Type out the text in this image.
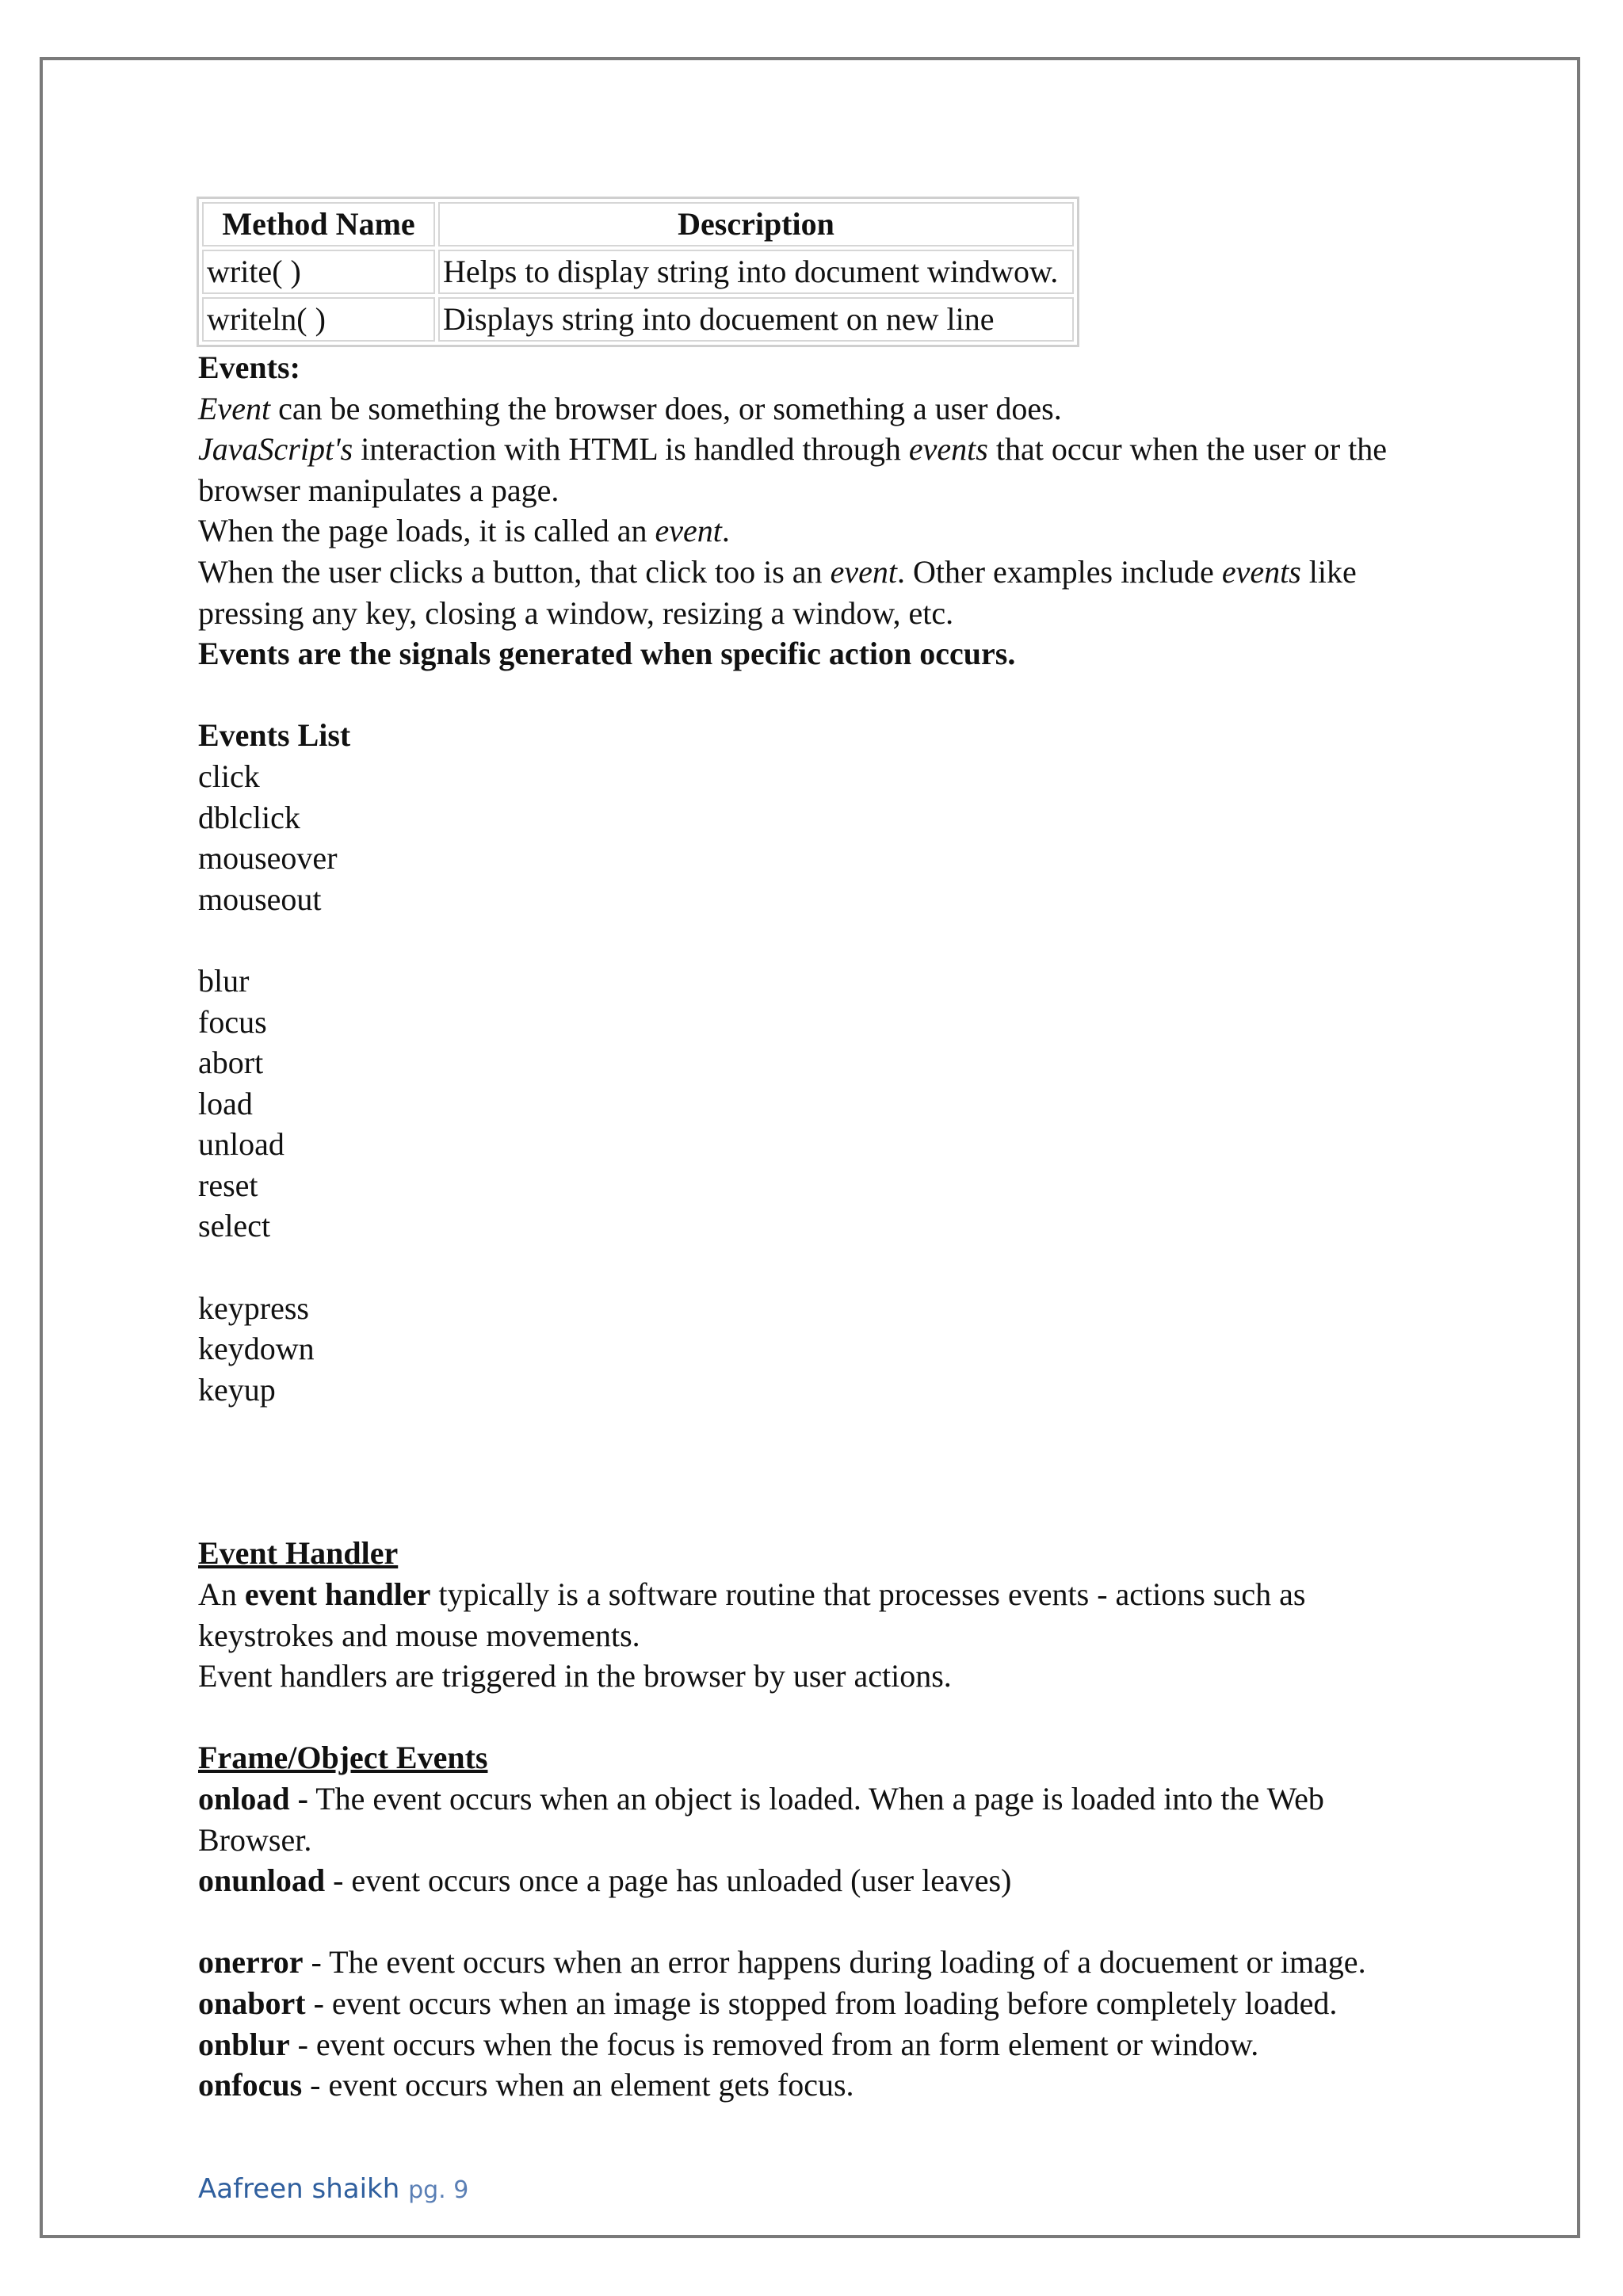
Method Name	Description
write( )	Helps to display string into document windwow.
writeln( )	Displays string into docuement on new line
Events:
Event can be something the browser does, or something a user does.
JavaScript's interaction with HTML is handled through events that occur when the user or the browser manipulates a page.
When the page loads, it is called an event.
When the user clicks a button, that click too is an event. Other examples include events like pressing any key, closing a window, resizing a window, etc.
Events are the signals generated when specific action occurs.
Events List
click
dblclick
mouseover
mouseout
blur
focus
abort
load
unload
reset
select
keypress
keydown
keyup
Event Handler
An event handler typically is a software routine that processes events - actions such as keystrokes and mouse movements.
Event handlers are triggered in the browser by user actions.
Frame/Object Events
onload - The event occurs when an object is loaded. When a page is loaded into the Web Browser.
onunload - event occurs once a page has unloaded (user leaves)
onerror - The event occurs when an error happens during loading of a docuement or image.
onabort - event occurs when an image is stopped from loading before completely loaded.
onblur - event occurs when the focus is removed from an form element or window.
onfocus - event occurs when an element gets focus.
Aafreen shaikh pg. 9
